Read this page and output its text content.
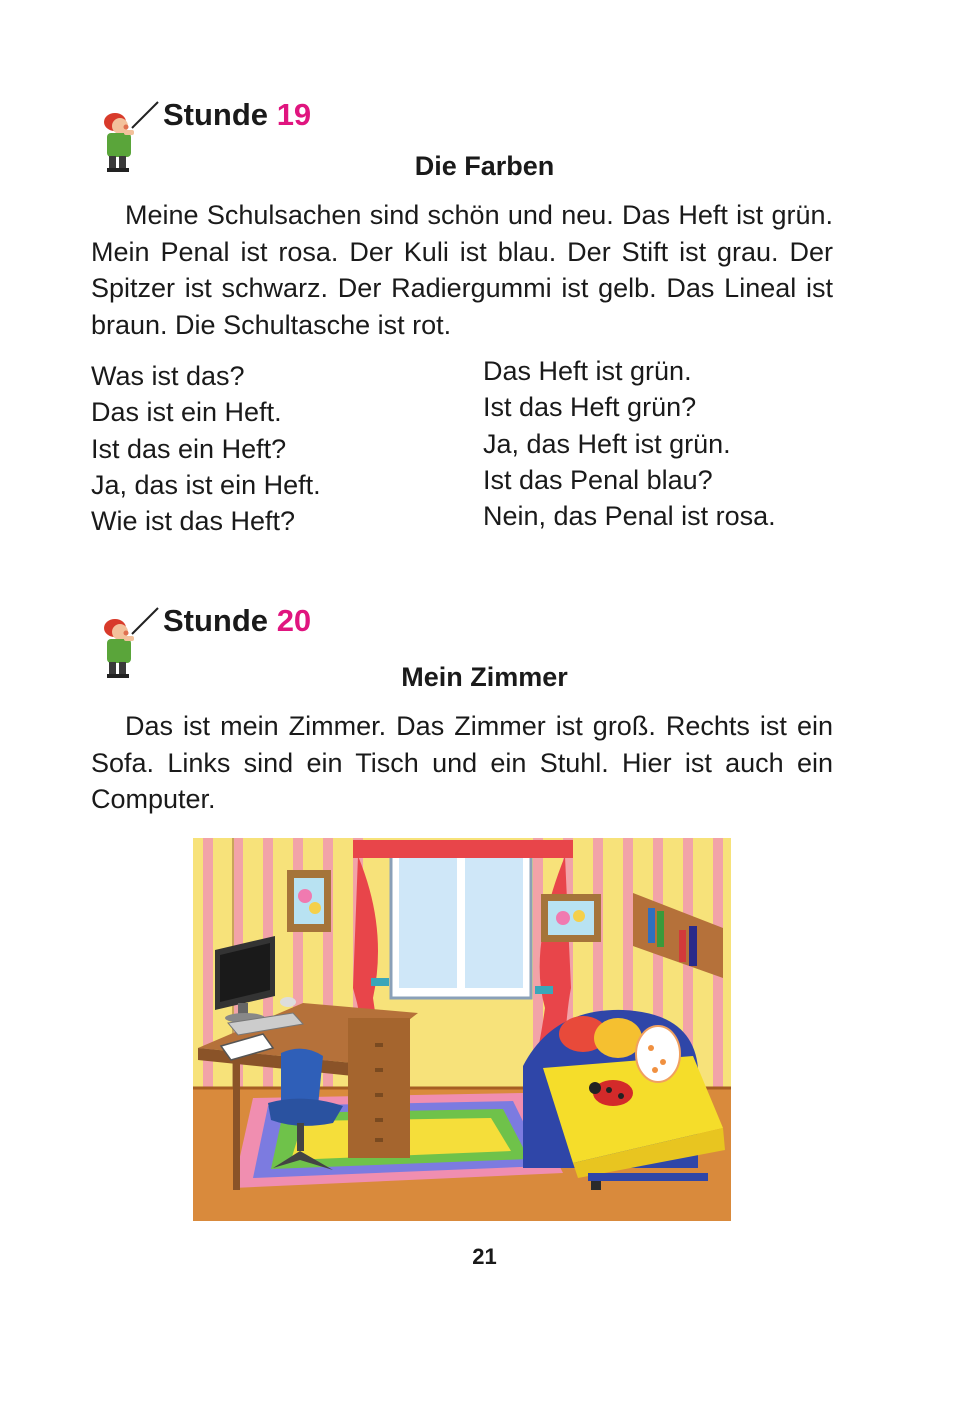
Stunde 19
Die Farben
Meine Schulsachen sind schön und neu. Das Heft ist grün. Mein Penal ist rosa. Der Kuli ist blau. Der Stift ist grau. Der Spitzer ist schwarz. Der Radiergummi ist gelb. Das Lineal ist braun. Die Schultasche ist rot.
Was ist das?
Das ist ein Heft.
Ist das ein Heft?
Ja, das ist ein Heft.
Wie ist das Heft?
Das Heft ist grün.
Ist das Heft grün?
Ja, das Heft ist grün.
Ist das Penal blau?
Nein, das Penal ist rosa.
Stunde 20
Mein Zimmer
Das ist mein Zimmer. Das Zimmer ist groß. Rechts ist ein Sofa. Links sind ein Tisch und ein Stuhl. Hier ist auch ein Computer.
21
